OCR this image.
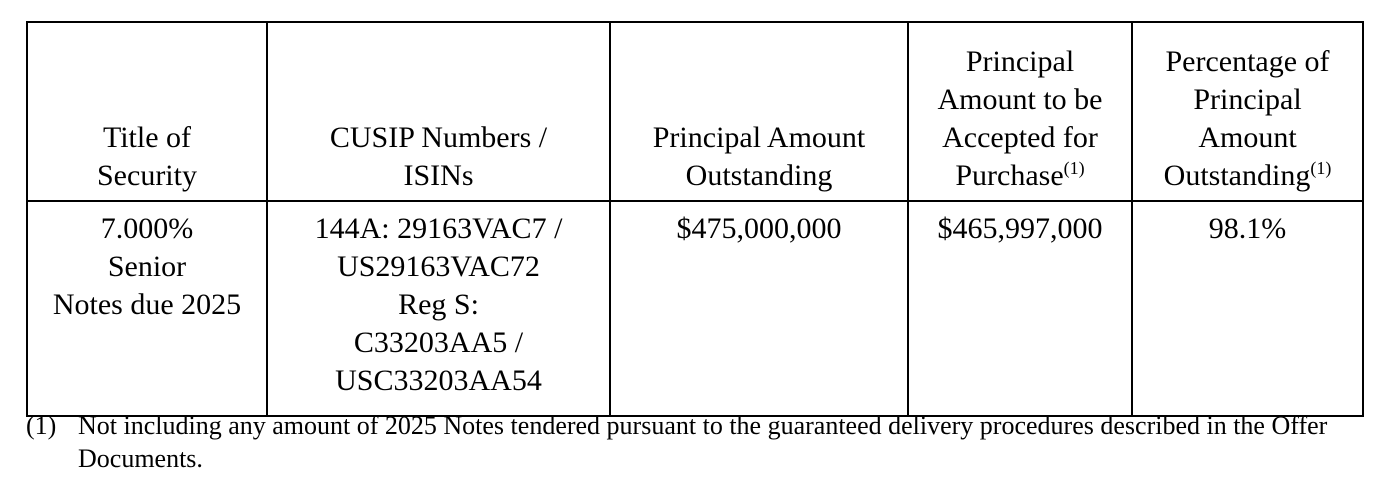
Title of
Security	CUSIP Numbers /
ISINs	Principal Amount
Outstanding	Principal
Amount to be
Accepted for
Purchase$^{(1)}$	Percentage of
Principal
Amount
Outstanding$^{(1)}$

7.000%
Senior
Notes due 2025	144A: 29163VAC7 /
US29163VAC72
Reg S:
C33203AA5 /
USC33203AA54	$475,000,000	$465,997,000	98.1%
(1) Not including any amount of 2025 Notes tendered pursuant to the guaranteed delivery procedures described in the Offer Documents.
